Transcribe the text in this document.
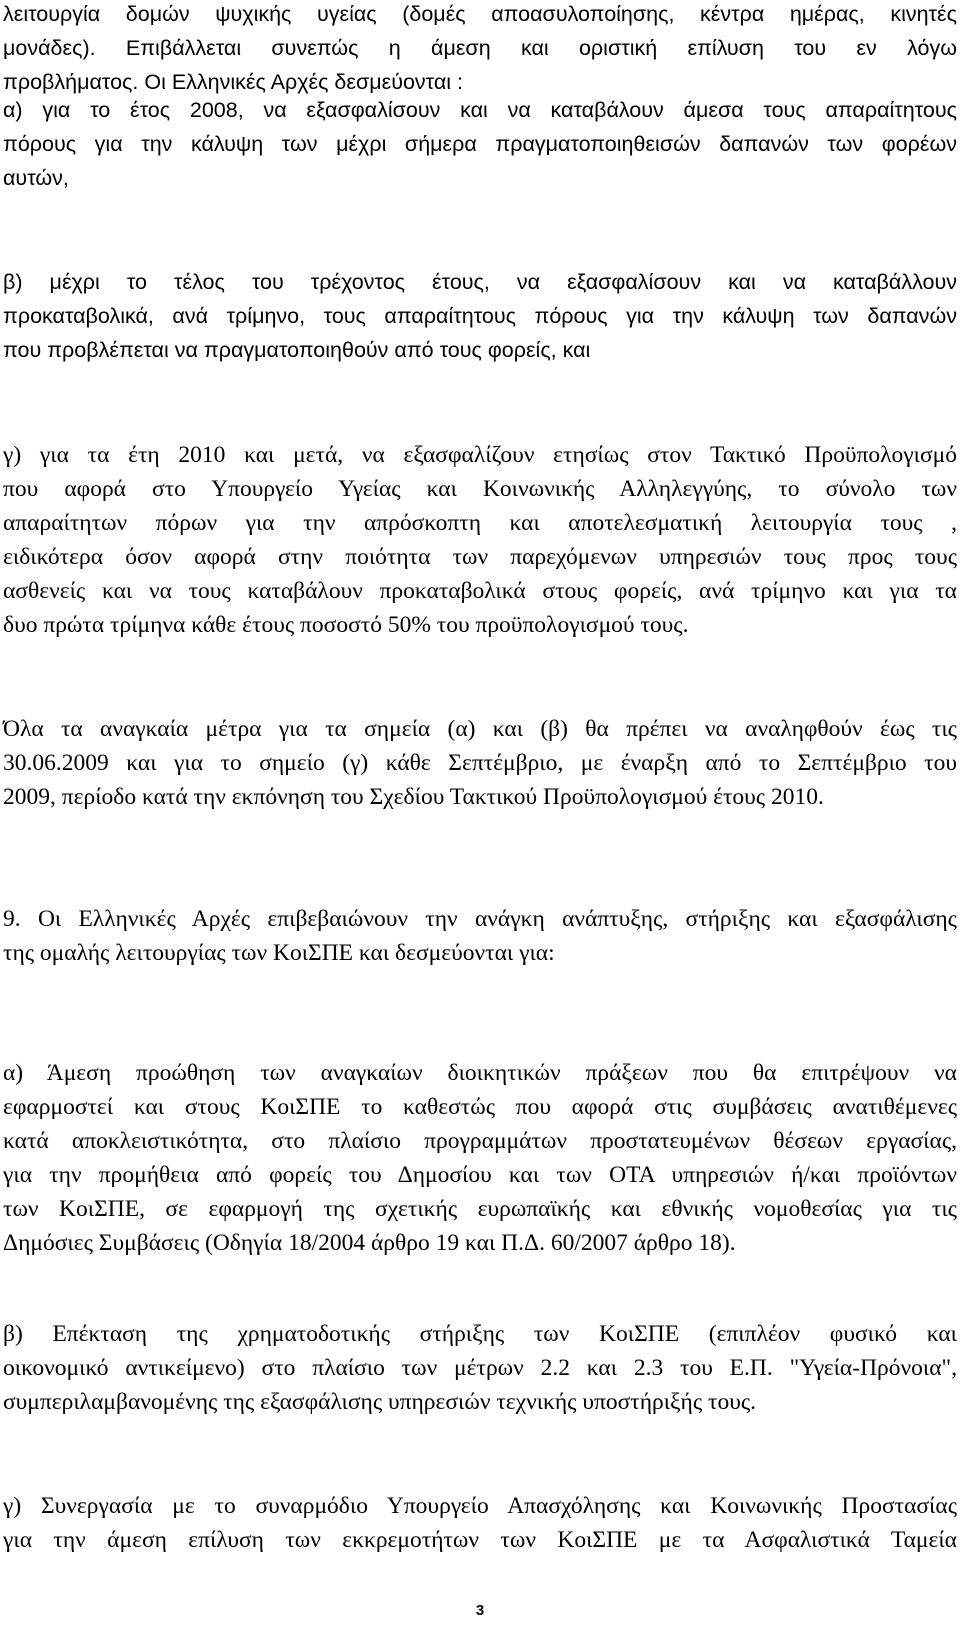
λειτουργία δομών ψυχικής υγείας (δομές αποασυλοποίησης, κέντρα ημέρας, κινητές
μονάδες). Επιβάλλεται συνεπώς η άμεση και οριστική επίλυση του εν λόγω
προβλήματος. Οι Ελληνικές Αρχές δεσμεύονται :
α) για το έτος 2008, να εξασφαλίσουν και να καταβάλουν άμεσα τους απαραίτητους
πόρους για την κάλυψη των μέχρι σήμερα πραγματοποιηθεισών δαπανών των φορέων
αυτών,
β) μέχρι το τέλος του τρέχοντος έτους, να εξασφαλίσουν και να καταβάλλουν
προκαταβολικά, ανά τρίμηνο, τους απαραίτητους πόρους για την κάλυψη των δαπανών
που προβλέπεται να πραγματοποιηθούν από τους φορείς, και
γ) για τα έτη 2010 και μετά, να εξασφαλίζουν ετησίως στον Τακτικό Προϋπολογισμό
που αφορά στο Υπουργείο Υγείας και Κοινωνικής Αλληλεγγύης, το σύνολο των
απαραίτητων πόρων για την απρόσκοπτη και αποτελεσματική λειτουργία τους ,
ειδικότερα όσον αφορά στην ποιότητα των παρεχόμενων υπηρεσιών τους προς τους
ασθενείς και να τους καταβάλουν προκαταβολικά στους φορείς, ανά τρίμηνο και για τα
δυο πρώτα τρίμηνα κάθε έτους ποσοστό 50% του προϋπολογισμού τους.
Όλα τα αναγκαία μέτρα για τα σημεία (α) και (β) θα πρέπει να αναληφθούν έως τις
30.06.2009 και για το σημείο (γ) κάθε Σεπτέμβριο, με έναρξη από το Σεπτέμβριο του
2009, περίοδο κατά την εκπόνηση του Σχεδίου Τακτικού Προϋπολογισμού έτους 2010.
9. Οι Ελληνικές Αρχές επιβεβαιώνουν την ανάγκη ανάπτυξης, στήριξης και εξασφάλισης
της ομαλής λειτουργίας των ΚοιΣΠΕ και δεσμεύονται για:
α) Άμεση προώθηση των αναγκαίων διοικητικών πράξεων που θα επιτρέψουν να
εφαρμοστεί και στους ΚοιΣΠΕ το καθεστώς που αφορά στις συμβάσεις ανατιθέμενες
κατά αποκλειστικότητα, στο πλαίσιο προγραμμάτων προστατευμένων θέσεων εργασίας,
για την προμήθεια από φορείς του Δημοσίου και των ΟΤΑ υπηρεσιών ή/και προϊόντων
των ΚοιΣΠΕ, σε εφαρμογή της σχετικής ευρωπαϊκής και εθνικής νομοθεσίας για τις
Δημόσιες Συμβάσεις (Οδηγία 18/2004 άρθρο 19 και Π.Δ. 60/2007 άρθρο 18).
β) Επέκταση της χρηματοδοτικής στήριξης των ΚοιΣΠΕ (επιπλέον φυσικό και
οικονομικό αντικείμενο) στο πλαίσιο των μέτρων 2.2 και 2.3 του Ε.Π. "Υγεία-Πρόνοια",
συμπεριλαμβανομένης της εξασφάλισης υπηρεσιών τεχνικής υποστήριξής τους.
γ) Συνεργασία με το συναρμόδιο Υπουργείο Απασχόλησης και Κοινωνικής Προστασίας
για την άμεση επίλυση των εκκρεμοτήτων των ΚοιΣΠΕ με τα Ασφαλιστικά Ταμεία
3
